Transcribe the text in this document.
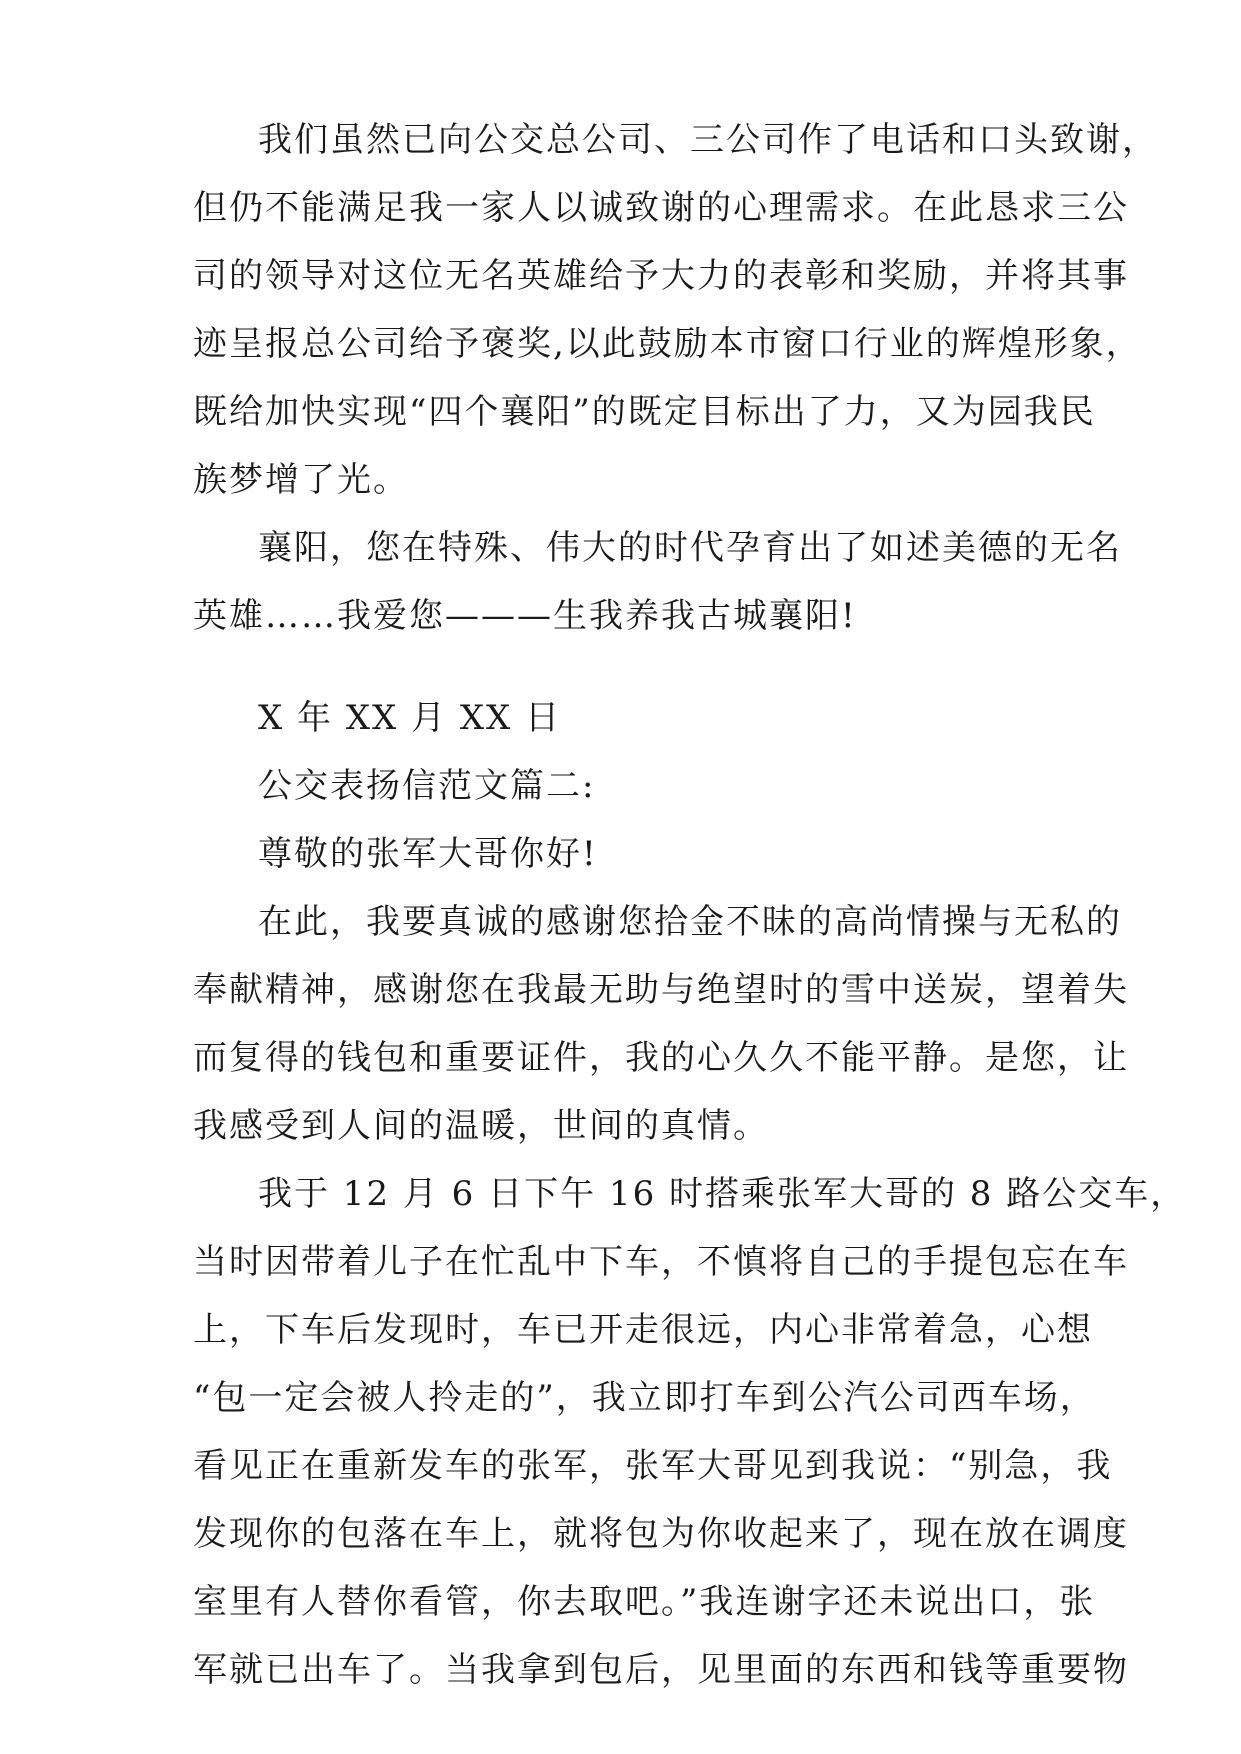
我们虽然已向公交总公司、三公司作了电话和口头致谢，
但仍不能满足我一家人以诚致谢的心理需求。在此恳求三公
司的领导对这位无名英雄给予大力的表彰和奖励，并将其事
迹呈报总公司给予褒奖,以此鼓励本市窗口行业的辉煌形象，
既给加快实现“四个襄阳”的既定目标出了力，又为园我民
族梦增了光。
襄阳，您在特殊、伟大的时代孕育出了如述美德的无名
英雄……我爱您———生我养我古城襄阳!
X 年 XX 月 XX 日
公交表扬信范文篇二:
尊敬的张军大哥你好!
在此，我要真诚的感谢您拾金不昧的高尚情操与无私的
奉献精神，感谢您在我最无助与绝望时的雪中送炭，望着失
而复得的钱包和重要证件，我的心久久不能平静。是您，让
我感受到人间的温暖，世间的真情。
我于 12 月 6 日下午 16 时搭乘张军大哥的 8 路公交车，
当时因带着儿子在忙乱中下车，不慎将自己的手提包忘在车
上，下车后发现时，车已开走很远，内心非常着急，心想
“包一定会被人拎走的”，我立即打车到公汽公司西车场，
看见正在重新发车的张军，张军大哥见到我说：“别急，我
发现你的包落在车上，就将包为你收起来了，现在放在调度
室里有人替你看管，你去取吧。”我连谢字还未说出口，张
军就已出车了。当我拿到包后，见里面的东西和钱等重要物
